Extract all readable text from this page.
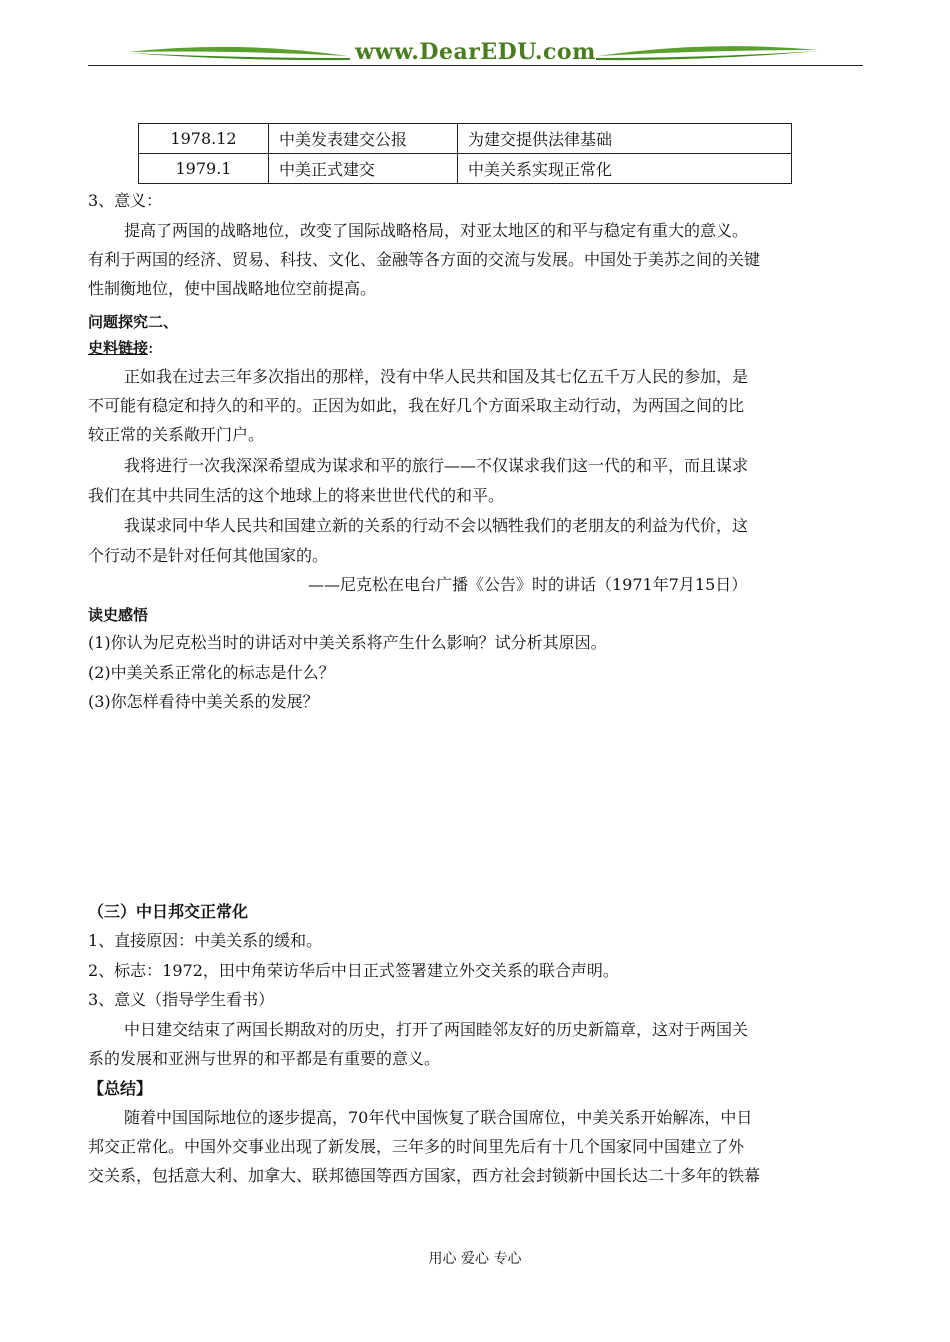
www.DearEDU.com
1978.12	中美发表建交公报	为建交提供法律基础
1979.1	中美正式建交	中美关系实现正常化
3、意义：
提高了两国的战略地位，改变了国际战略格局，对亚太地区的和平与稳定有重大的意义。
有利于两国的经济、贸易、科技、文化、金融等各方面的交流与发展。中国处于美苏之间的关键
性制衡地位，使中国战略地位空前提高。
问题探究二、
史料链接:
正如我在过去三年多次指出的那样，没有中华人民共和国及其七亿五千万人民的参加，是
不可能有稳定和持久的和平的。正因为如此，我在好几个方面采取主动行动，为两国之间的比
较正常的关系敞开门户。
我将进行一次我深深希望成为谋求和平的旅行——不仅谋求我们这一代的和平，而且谋求
我们在其中共同生活的这个地球上的将来世世代代的和平。
我谋求同中华人民共和国建立新的关系的行动不会以牺牲我们的老朋友的利益为代价，这
个行动不是针对任何其他国家的。
——尼克松在电台广播《公告》时的讲话（1971年7月15日）
读史感悟
(1)你认为尼克松当时的讲话对中美关系将产生什么影响？试分析其原因。
(2)中美关系正常化的标志是什么？
(3)你怎样看待中美关系的发展？
（三）中日邦交正常化
1、直接原因：中美关系的缓和。
2、标志：1972，田中角荣访华后中日正式签署建立外交关系的联合声明。
3、意义（指导学生看书）
中日建交结束了两国长期敌对的历史，打开了两国睦邻友好的历史新篇章，这对于两国关
系的发展和亚洲与世界的和平都是有重要的意义。
【总结】
随着中国国际地位的逐步提高，70年代中国恢复了联合国席位，中美关系开始解冻，中日
邦交正常化。中国外交事业出现了新发展，三年多的时间里先后有十几个国家同中国建立了外
交关系，包括意大利、加拿大、联邦德国等西方国家，西方社会封锁新中国长达二十多年的铁幕
用心 爱心 专心
